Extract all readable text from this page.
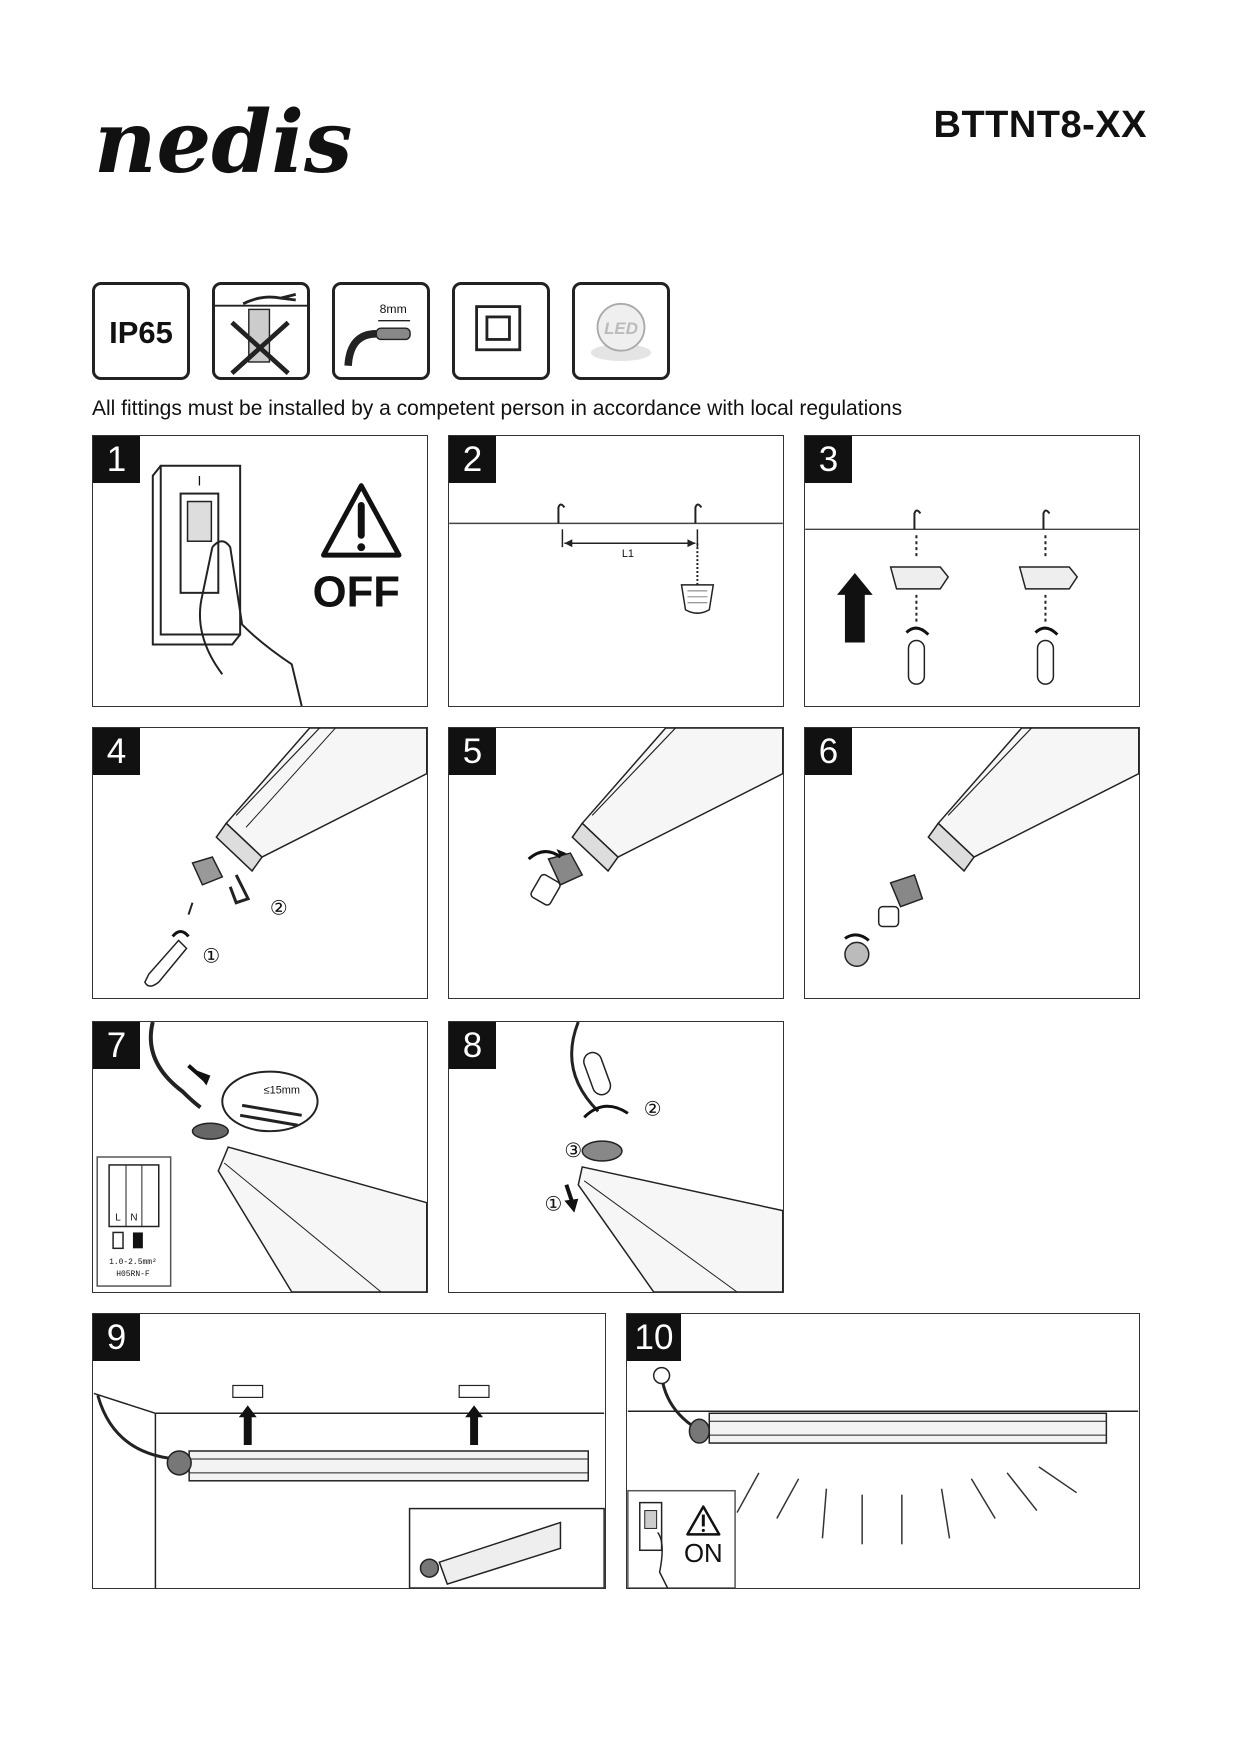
nedis	BTTNT8-XX
IP65
8mm
LED
All fittings must be installed by a competent person in accordance with local regulations
1
I
OFF
2
L1
3
4
②
①
5	6
7
≤15mm
L N
1.0-2.5mm²
H05RN-F
8
②
③
①
9	10
ON
